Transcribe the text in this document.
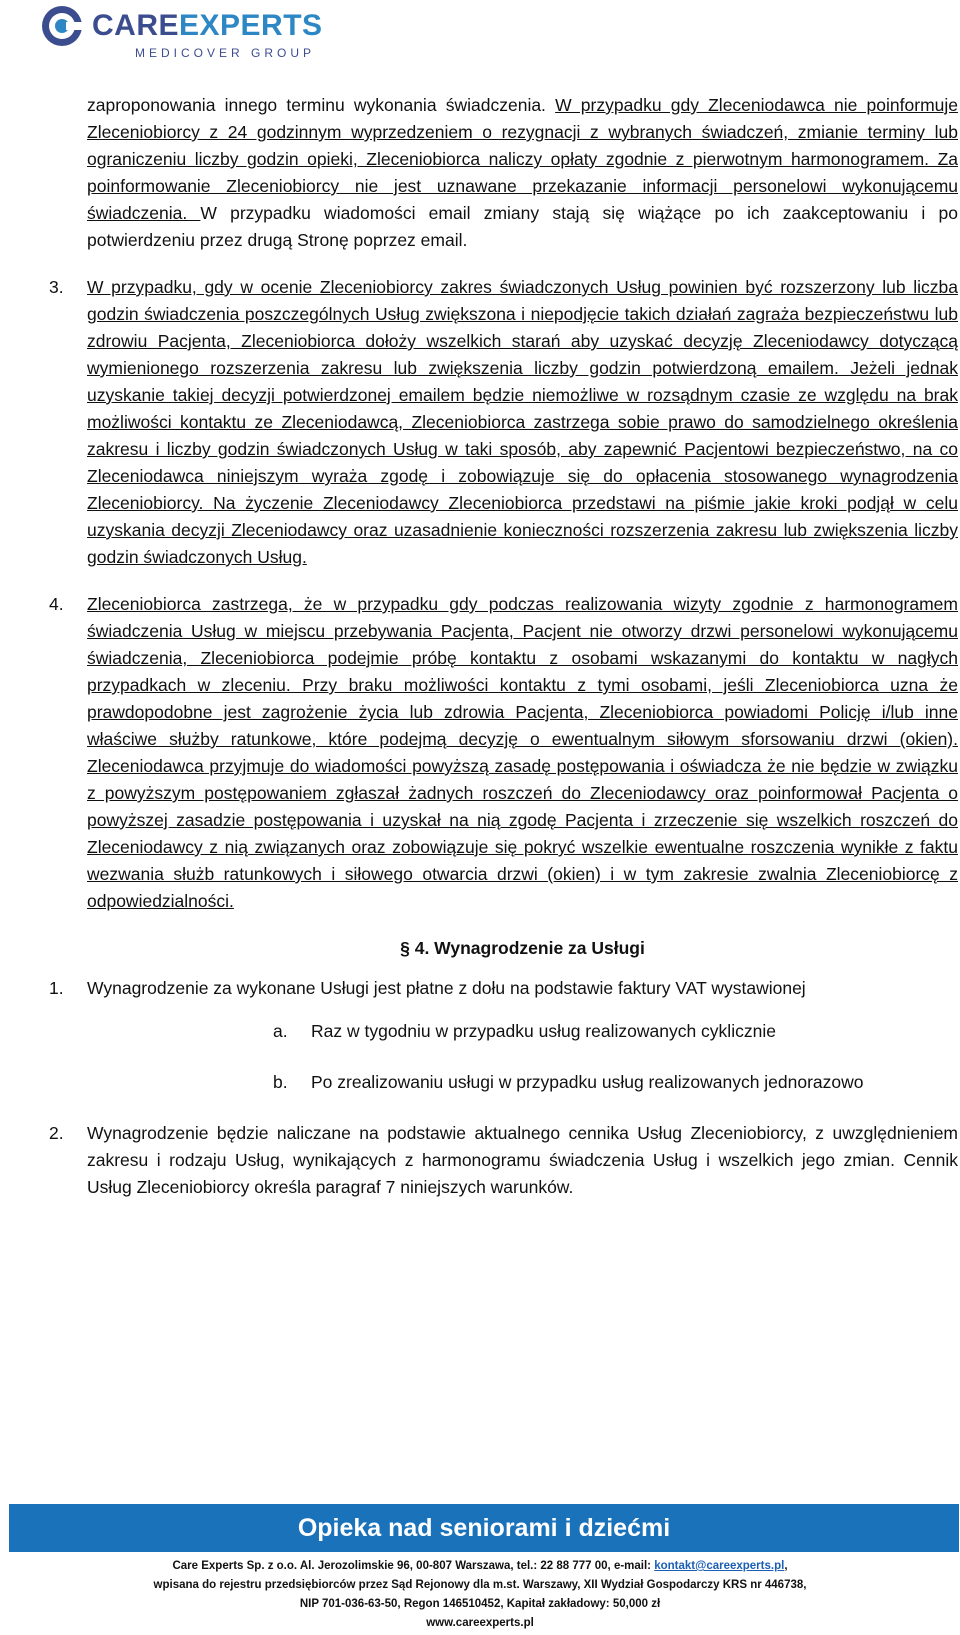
CAREEXPERTS
MEDICOVER GROUP

zaproponowania innego terminu wykonania świadczenia. W przypadku gdy Zleceniodawca nie poinformuje Zleceniobiorcy z 24 godzinnym wyprzedzeniem o rezygnacji z wybranych świadczeń, zmianie terminy lub ograniczeniu liczby godzin opieki, Zleceniobiorca naliczy opłaty zgodnie z pierwotnym harmonogramem. Za poinformowanie Zleceniobiorcy nie jest uznawane przekazanie informacji personelowi wykonującemu świadczenia. W przypadku wiadomości email zmiany stają się wiążące po ich zaakceptowaniu i po potwierdzeniu przez drugą Stronę poprzez email.

3. W przypadku, gdy w ocenie Zleceniobiorcy zakres świadczonych Usług powinien być rozszerzony lub liczba godzin świadczenia poszczególnych Usług zwiększona i niepodjęcie takich działań zagraża bezpieczeństwu lub zdrowiu Pacjenta, Zleceniobiorca dołoży wszelkich starań aby uzyskać decyzję Zleceniodawcy dotyczącą wymienionego rozszerzenia zakresu lub zwiększenia liczby godzin potwierdzoną emailem. Jeżeli jednak uzyskanie takiej decyzji potwierdzonej emailem będzie niemożliwe w rozsądnym czasie ze względu na brak możliwości kontaktu ze Zleceniodawcą, Zleceniobiorca zastrzega sobie prawo do samodzielnego określenia zakresu i liczby godzin świadczonych Usług w taki sposób, aby zapewnić Pacjentowi bezpieczeństwo, na co Zleceniodawca niniejszym wyraża zgodę i zobowiązuje się do opłacenia stosowanego wynagrodzenia Zleceniobiorcy. Na życzenie Zleceniodawcy Zleceniobiorca przedstawi na piśmie jakie kroki podjął w celu uzyskania decyzji Zleceniodawcy oraz uzasadnienie konieczności rozszerzenia zakresu lub zwiększenia liczby godzin świadczonych Usług.

4. Zleceniobiorca zastrzega, że w przypadku gdy podczas realizowania wizyty zgodnie z harmonogramem świadczenia Usług w miejscu przebywania Pacjenta, Pacjent nie otworzy drzwi personelowi wykonującemu świadczenia, Zleceniobiorca podejmie próbę kontaktu z osobami wskazanymi do kontaktu w nagłych przypadkach w zleceniu. Przy braku możliwości kontaktu z tymi osobami, jeśli Zleceniobiorca uzna że prawdopodobne jest zagrożenie życia lub zdrowia Pacjenta, Zleceniobiorca powiadomi Policję i/lub inne właściwe służby ratunkowe, które podejmą decyzję o ewentualnym siłowym sforsowaniu drzwi (okien). Zleceniodawca przyjmuje do wiadomości powyższą zasadę postępowania i oświadcza że nie będzie w związku z powyższym postępowaniem zgłaszał żadnych roszczeń do Zleceniodawcy oraz poinformował Pacjenta o powyższej zasadzie postępowania i uzyskał na nią zgodę Pacjenta i zrzeczenie się wszelkich roszczeń do Zleceniodawcy z nią związanych oraz zobowiązuje się pokryć wszelkie ewentualne roszczenia wynikłe z faktu wezwania służb ratunkowych i siłowego otwarcia drzwi (okien) i w tym zakresie zwalnia Zleceniobiorcę z odpowiedzialności.

§ 4. Wynagrodzenie za Usługi
1. Wynagrodzenie za wykonane Usługi jest płatne z dołu na podstawie faktury VAT wystawionej

a. Raz w tygodniu w przypadku usług realizowanych cyklicznie

b. Po zrealizowaniu usługi w przypadku usług realizowanych jednorazowo

2. Wynagrodzenie będzie naliczane na podstawie aktualnego cennika Usług Zleceniobiorcy, z uwzględnieniem zakresu i rodzaju Usług, wynikających z harmonogramu świadczenia Usług i wszelkich jego zmian. Cennik Usług Zleceniobiorcy określa paragraf 7 niniejszych warunków.

Opieka nad seniorami i dziećmi
Care Experts Sp. z o.o. Al. Jerozolimskie 96, 00-807 Warszawa, tel.: 22 88 777 00, e-mail: kontakt@careexperts.pl,
wpisana do rejestru przedsiębiorców przez Sąd Rejonowy dla m.st. Warszawy, XII Wydział Gospodarczy KRS nr 446738,
NIP 701-036-63-50, Regon 146510452, Kapitał zakładowy: 50,000 zł
www.careexperts.pl
